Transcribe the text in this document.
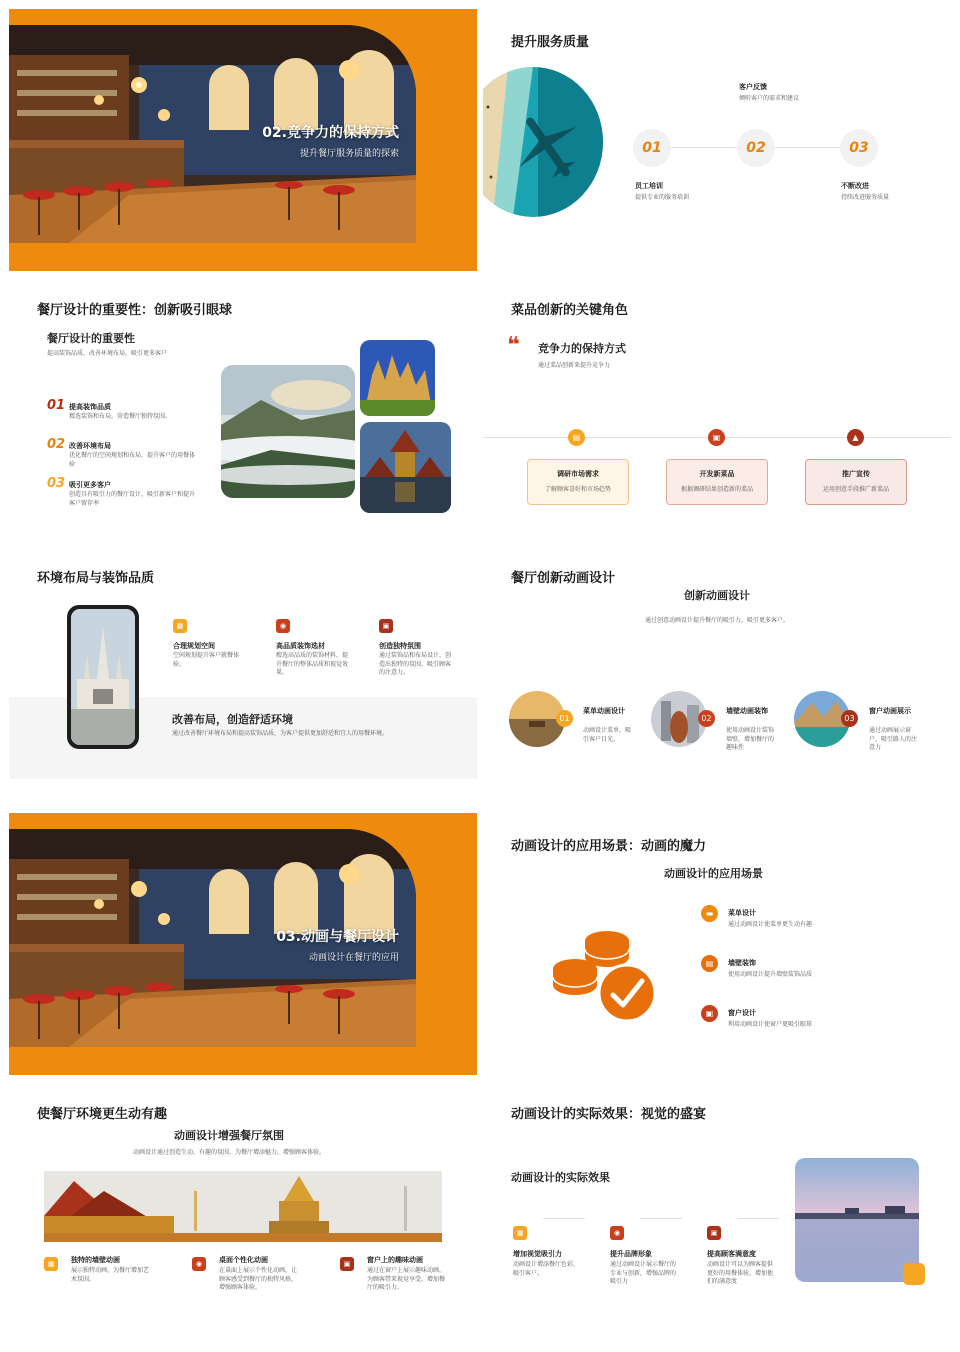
02.竞争力的保持方式
提升餐厅服务质量的探索
提升服务质量
01	02	03
员工培训
提供专业的服务培训
客户反馈
倾听客户的需求和建议
不断改进
持续改进服务质量
餐厅设计的重要性：创新吸引眼球
餐厅设计的重要性
提高装饰品质，改善环境布局，吸引更多客户
01 提高装饰品质
精选装饰和布局，营造餐厅独特氛围。
02 改善环境布局
优化餐厅的空间规划和布局，提升客户的用餐体验
03 吸引更多客户
创造具有吸引力的餐厅设计，吸引新客户和提升客户留存率
菜品创新的关键角色
❝ 竞争力的保持方式
通过菜品创新来提升竞争力
▤	▣	▲
调研市场需求
了解顾客喜好和市场趋势
开发新菜品
根据调研结果创造新的菜品
推广宣传
运用创意手段推广新菜品
环境布局与装饰品质
▦
合理规划空间
空间规划提升客户就餐体验。
◉
高品质装饰选材
精选高品质的装饰材料，提升餐厅的整体品质和视觉效果。
▣
创造独特氛围
通过装饰品和布局设计，创造出独特的氛围，吸引顾客的注意力。
改善布局，创造舒适环境
通过改善餐厅环境布局和提高装饰品质，为客户提供更加舒适和宜人的用餐环境。
餐厅创新动画设计
创新动画设计
通过创意动画设计提升餐厅的吸引力，吸引更多客户。
01
菜单动画设计
动画设计菜单，吸引客户目光。
02
墙壁动画装饰
使用动画设计装饰墙壁，增加餐厅的趣味性
03
窗户动画展示
通过动画展示窗户，吸引路人的注意力
03.动画与餐厅设计
动画设计在餐厅的应用
动画设计的应用场景：动画的魔力
动画设计的应用场景
▬	菜单设计
通过动画设计使菜单更生动有趣
▤	墙壁装饰
使用动画设计提升墙壁装饰品质
▣	窗户设计
利用动画设计使窗户更吸引眼球
使餐厅环境更生动有趣
动画设计增强餐厅氛围
动画设计通过创造生动、有趣的氛围，为餐厅增添魅力，增强顾客体验。
▦	独特的墙壁动画
展示独特动画，为餐厅增加艺术氛围。
◉	桌面个性化动画
在桌面上展示个性化动画，让顾客感受到餐厅的独特风格，增强顾客体验。
▣	窗户上的趣味动画
通过在窗户上展示趣味动画，为顾客带来视觉享受，增加餐厅的吸引力。
动画设计的实际效果：视觉的盛宴
动画设计的实际效果
▦
增加视觉吸引力
动画设计增添餐厅色彩，吸引客户。
◉
提升品牌形象
通过动画设计展示餐厅的专业与创新，增强品牌的吸引力
▣
提高顾客满意度
动画设计可以为顾客提供更好的用餐体验，增加他们的满意度
